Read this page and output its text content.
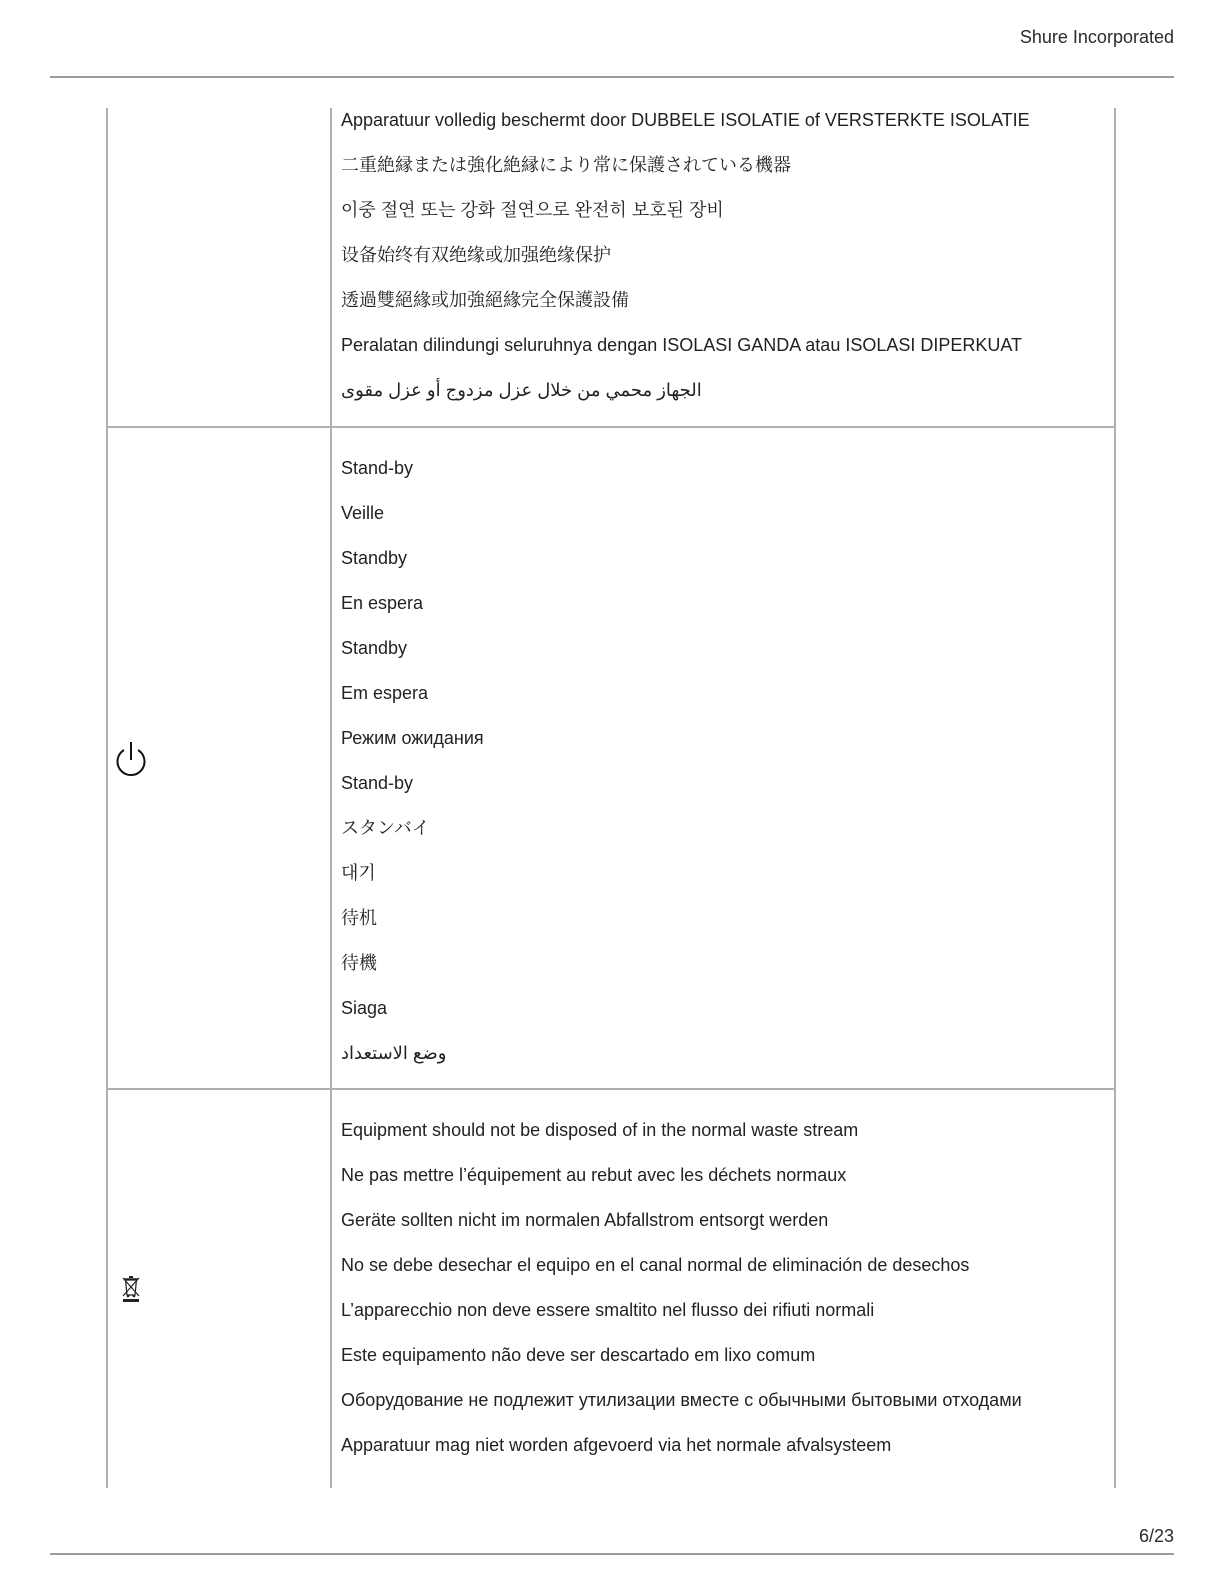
Shure Incorporated
Apparatuur volledig beschermt door DUBBELE ISOLATIE of VERSTERKTE ISOLATIE
二重絶縁または強化絶縁により常に保護されている機器
이중 절연 또는 강화 절연으로 완전히 보호된 장비
设备始终有双绝缘或加强绝缘保护
透過雙絕緣或加強絕緣完全保護設備
Peralatan dilindungi seluruhnya dengan ISOLASI GANDA atau ISOLASI DIPERKUAT
الجهاز محمي من خلال عزل مزدوج أو عزل مقوى
Stand-by
Veille
Standby
En espera
Standby
Em espera
Режим ожидания
Stand-by
スタンバイ
대기
待机
待機
Siaga
وضع الاستعداد
Equipment should not be disposed of in the normal waste stream
Ne pas mettre l’équipement au rebut avec les déchets normaux
Geräte sollten nicht im normalen Abfallstrom entsorgt werden
No se debe desechar el equipo en el canal normal de eliminación de desechos
L’apparecchio non deve essere smaltito nel flusso dei rifiuti normali
Este equipamento não deve ser descartado em lixo comum
Оборудование не подлежит утилизации вместе с обычными бытовыми отходами
Apparatuur mag niet worden afgevoerd via het normale afvalsysteem
6/23
